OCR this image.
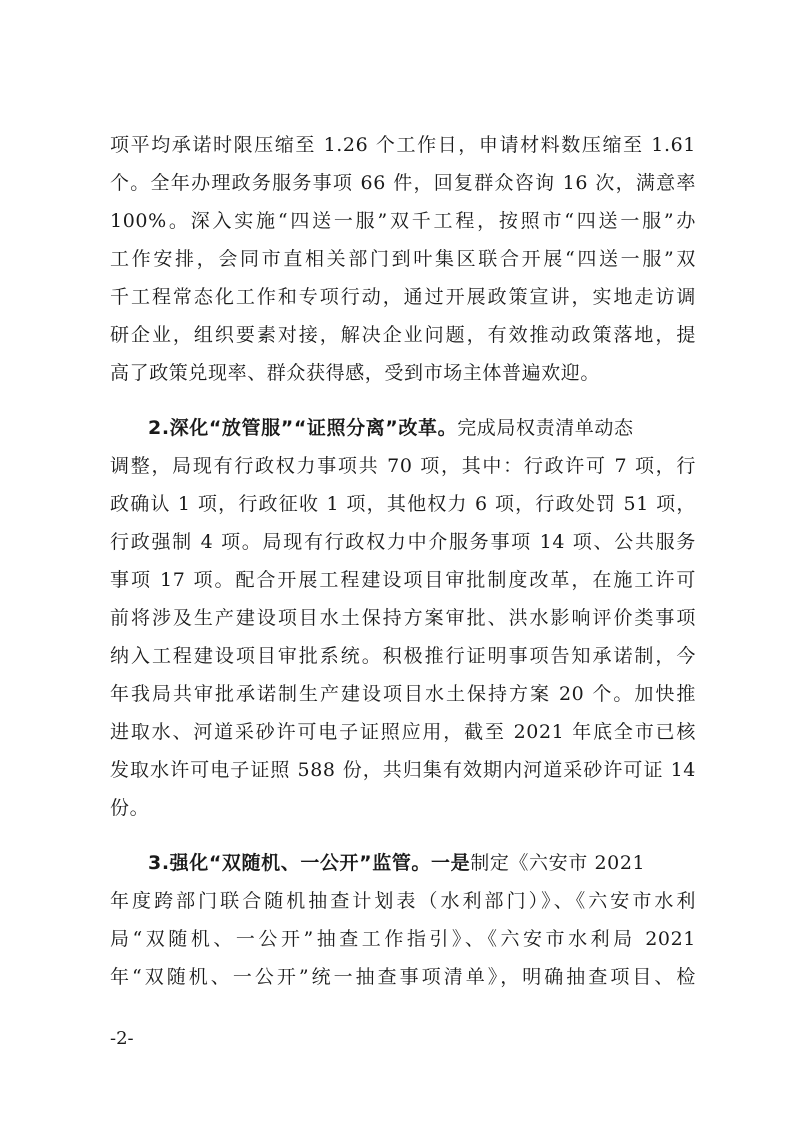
项平均承诺时限压缩至 1.26 个工作日，申请材料数压缩至 1.61
个。全年办理政务服务事项 66 件，回复群众咨询 16 次，满意率
100%。深入实施“四送一服”双千工程，按照市“四送一服”办
工作安排，会同市直相关部门到叶集区联合开展“四送一服”双
千工程常态化工作和专项行动，通过开展政策宣讲，实地走访调
研企业，组织要素对接，解决企业问题，有效推动政策落地，提
高了政策兑现率、群众获得感，受到市场主体普遍欢迎。
2.深化“放管服”“证照分离”改革。完成局权责清单动态
调整，局现有行政权力事项共 70 项，其中：行政许可 7 项，行
政确认 1 项，行政征收 1 项，其他权力 6 项，行政处罚 51 项，
行政强制 4 项。局现有行政权力中介服务事项 14 项、公共服务
事项 17 项。配合开展工程建设项目审批制度改革，在施工许可
前将涉及生产建设项目水土保持方案审批、洪水影响评价类事项
纳入工程建设项目审批系统。积极推行证明事项告知承诺制，今
年我局共审批承诺制生产建设项目水土保持方案 20 个。加快推
进取水、河道采砂许可电子证照应用，截至 2021 年底全市已核
发取水许可电子证照 588 份，共归集有效期内河道采砂许可证 14
份。
3.强化“双随机、一公开”监管。一是制定《六安市 2021
年度跨部门联合随机抽查计划表（水利部门）》、《六安市水利
局“双随机、一公开”抽查工作指引》、《六安市水利局 2021
年“双随机、一公开”统一抽查事项清单》，明确抽查项目、检
-2-
